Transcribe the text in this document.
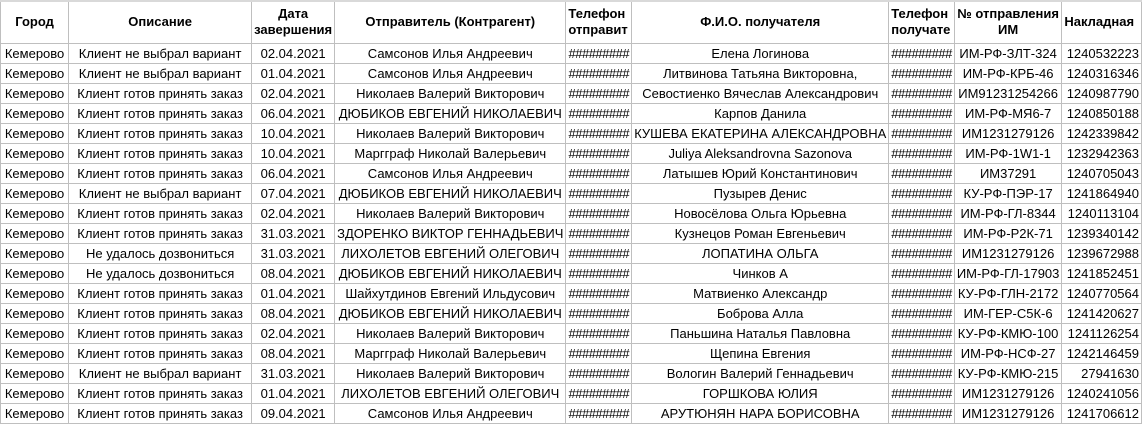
Город	Описание	Дата завершения	Отправитель (Контрагент)	Телефон отправит	Ф.И.О. получателя	Телефон получате	№ отправления ИМ	Накладная
Кемерово	Клиент не выбрал вариант	02.04.2021	Самсонов Илья Андреевич	#########	Елена Логинова	#########	ИМ-РФ-ЗЛТ-324	1240532223
Кемерово	Клиент не выбрал вариант	01.04.2021	Самсонов Илья Андреевич	#########	Литвинова Татьяна Викторовна,	#########	ИМ-РФ-КРБ-46	1240316346
Кемерово	Клиент готов принять заказ	02.04.2021	Николаев Валерий Викторович	#########	Севостиенко Вячеслав Александрович	#########	ИМ91231254266	1240987790
Кемерово	Клиент готов принять заказ	06.04.2021	ДЮБИКОВ ЕВГЕНИЙ НИКОЛАЕВИЧ	#########	Карпов Данила	#########	ИМ-РФ-МЯ6-7	1240850188
Кемерово	Клиент готов принять заказ	10.04.2021	Николаев Валерий Викторович	#########	КУШЕВА ЕКАТЕРИНА АЛЕКСАНДРОВНА	#########	ИМ1231279126	1242339842
Кемерово	Клиент готов принять заказ	10.04.2021	Маргграф Николай Валерьевич	#########	Juliya Aleksandrovna Sazonova	#########	ИМ-РФ-1W1-1	1232942363
Кемерово	Клиент готов принять заказ	06.04.2021	Самсонов Илья Андреевич	#########	Латышев Юрий Константинович	#########	ИМ37291	1240705043
Кемерово	Клиент не выбрал вариант	07.04.2021	ДЮБИКОВ ЕВГЕНИЙ НИКОЛАЕВИЧ	#########	Пузырев Денис	#########	КУ-РФ-ПЭР-17	1241864940
Кемерово	Клиент готов принять заказ	02.04.2021	Николаев Валерий Викторович	#########	Новосёлова Ольга Юрьевна	#########	ИМ-РФ-ГЛ-8344	1240113104
Кемерово	Клиент готов принять заказ	31.03.2021	ЗДОРЕНКО ВИКТОР ГЕННАДЬЕВИЧ	#########	Кузнецов Роман Евгеньевич	#########	ИМ-РФ-Р2К-71	1239340142
Кемерово	Не удалось дозвониться	31.03.2021	ЛИХОЛЕТОВ ЕВГЕНИЙ ОЛЕГОВИЧ	#########	ЛОПАТИНА ОЛЬГА	#########	ИМ1231279126	1239672988
Кемерово	Не удалось дозвониться	08.04.2021	ДЮБИКОВ ЕВГЕНИЙ НИКОЛАЕВИЧ	#########	Чинков А	#########	ИМ-РФ-ГЛ-17903	1241852451
Кемерово	Клиент готов принять заказ	01.04.2021	Шайхутдинов Евгений Ильдусович	#########	Матвиенко Александр	#########	КУ-РФ-ГЛН-2172	1240770564
Кемерово	Клиент готов принять заказ	08.04.2021	ДЮБИКОВ ЕВГЕНИЙ НИКОЛАЕВИЧ	#########	Боброва Алла	#########	ИМ-ГЕР-С5К-6	1241420627
Кемерово	Клиент готов принять заказ	02.04.2021	Николаев Валерий Викторович	#########	Паньшина Наталья Павловна	#########	КУ-РФ-КМЮ-100	1241126254
Кемерово	Клиент готов принять заказ	08.04.2021	Маргграф Николай Валерьевич	#########	Щепина Евгения	#########	ИМ-РФ-НСФ-27	1242146459
Кемерово	Клиент не выбрал вариант	31.03.2021	Николаев Валерий Викторович	#########	Вологин Валерий Геннадьевич	#########	КУ-РФ-КМЮ-215	27941630
Кемерово	Клиент готов принять заказ	01.04.2021	ЛИХОЛЕТОВ ЕВГЕНИЙ ОЛЕГОВИЧ	#########	ГОРШКОВА ЮЛИЯ	#########	ИМ1231279126	1240241056
Кемерово	Клиент готов принять заказ	09.04.2021	Самсонов Илья Андреевич	#########	АРУТЮНЯН НАРА БОРИСОВНА	#########	ИМ1231279126	1241706612
